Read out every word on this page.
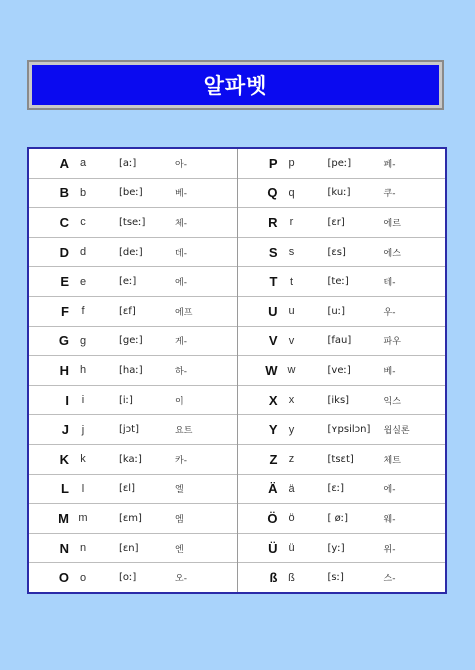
알파벳
A a	[aː]	아-
B b	[beː]	베-
C	c	[tseː]	체-
D d	[deː]	데-
E e	[eː]	에-
F	f	[ɛf]	에프
G g	[geː]	게-
H h	[haː]	하-
I	i	[iː]	이
J	j	[jɔt]	요트
K	k	[kaː]	카-
L	l	[ɛl]	엘
M m	[ɛm]	엠
N n	[ɛn]	엔
O o	[oː]	오-
P p	[peː]	페-
Q q	[kuː]	쿠-
R	r	[ɛr]	에르
S	s	[ɛs]	에스
T	t	[teː]	테-
U u	[uː]	우-
V	v	[fau]	파우
W w	[veː]	베-
X	x	[iks]	익스
Y	y	[ʏpsilɔn]	윕실론
Z	z	[tsɛt]	체트
Ä ä	[ɛː]	에-
Ö ö	[ øː]	웨-
Ü ü	[yː]	위-
ß ß	[sː]	스-
